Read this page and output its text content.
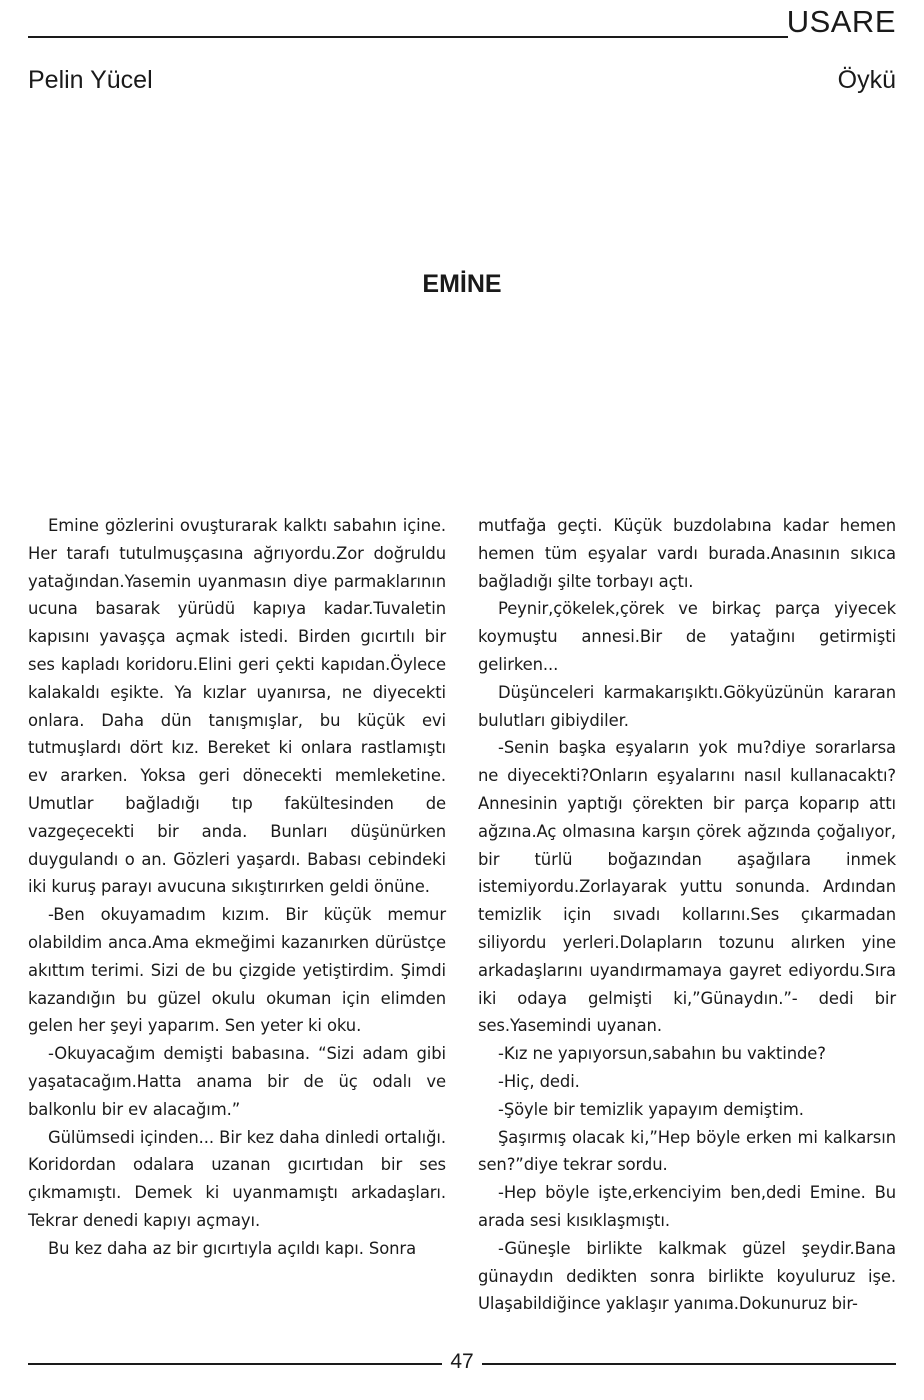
USARE
Pelin Yücel	Öykü
EMİNE

Emine gözlerini ovuşturarak kalktı sabahın içine. Her tarafı tutulmuşçasına ağrıyordu.Zor doğruldu yatağından.Yasemin uyanmasın diye parmaklarının ucuna basarak yürüdü kapıya kadar.Tuvaletin kapısını yavaşça açmak istedi. Birden gıcırtılı bir ses kapladı koridoru.Elini geri çekti kapıdan.Öylece kalakaldı eşikte. Ya kızlar uyanırsa, ne diyecekti onlara. Daha dün tanışmışlar, bu küçük evi tutmuşlardı dört kız. Bereket ki onlara rastlamıştı ev ararken. Yoksa geri dönecekti memleketine. Umutlar bağladığı tıp fakültesinden de vazgeçecekti bir anda. Bunları düşünürken duygulandı o an. Gözleri yaşardı. Babası cebindeki iki kuruş parayı avucuna sıkıştırırken geldi önüne.

-Ben okuyamadım kızım. Bir küçük memur olabildim anca.Ama ekmeğimi kazanırken dürüstçe akıttım terimi. Sizi de bu çizgide yetiştirdim. Şimdi kazandığın bu güzel okulu okuman için elimden gelen her şeyi yaparım. Sen yeter ki oku.

-Okuyacağım demişti babasına. “Sizi adam gibi yaşatacağım.Hatta anama bir de üç odalı ve balkonlu bir ev alacağım.”

Gülümsedi içinden... Bir kez daha dinledi ortalığı. Koridordan odalara uzanan gıcırtıdan bir ses çıkmamıştı. Demek ki uyanmamıştı arkadaşları. Tekrar denedi kapıyı açmayı.

Bu kez daha az bir gıcırtıyla açıldı kapı. Sonra

mutfağa geçti. Küçük buzdolabına kadar hemen hemen tüm eşyalar vardı burada.Anasının sıkıca bağladığı şilte torbayı açtı.

Peynir,çökelek,çörek ve birkaç parça yiyecek koymuştu annesi.Bir de yatağını getirmişti gelirken...

Düşünceleri karmakarışıktı.Gökyüzünün kararan bulutları gibiydiler.

-Senin başka eşyaların yok mu?diye sorarlarsa ne diyecekti?Onların eşyalarını nasıl kullanacaktı?Annesinin yaptığı çörekten bir parça koparıp attı ağzına.Aç olmasına karşın çörek ağzında çoğalıyor, bir türlü boğazından aşağılara inmek istemiyordu.Zorlayarak yuttu sonunda. Ardından temizlik için sıvadı kollarını.Ses çıkarmadan siliyordu yerleri.Dolapların tozunu alırken yine arkadaşlarını uyandırmamaya gayret ediyordu.Sıra iki odaya gelmişti ki,”Günaydın.”- dedi bir ses.Yasemindi uyanan.

-Kız ne yapıyorsun,sabahın bu vaktinde?

-Hiç, dedi.

-Şöyle bir temizlik yapayım demiştim.

Şaşırmış olacak ki,”Hep böyle erken mi kalkarsın sen?”diye tekrar sordu.

-Hep böyle işte,erkenciyim ben,dedi Emine. Bu arada sesi kısıklaşmıştı.

-Güneşle birlikte kalkmak güzel şeydir.Bana günaydın dedikten sonra birlikte koyuluruz işe. Ulaşabildiğince yaklaşır yanıma.Dokunuruz bir-

47
